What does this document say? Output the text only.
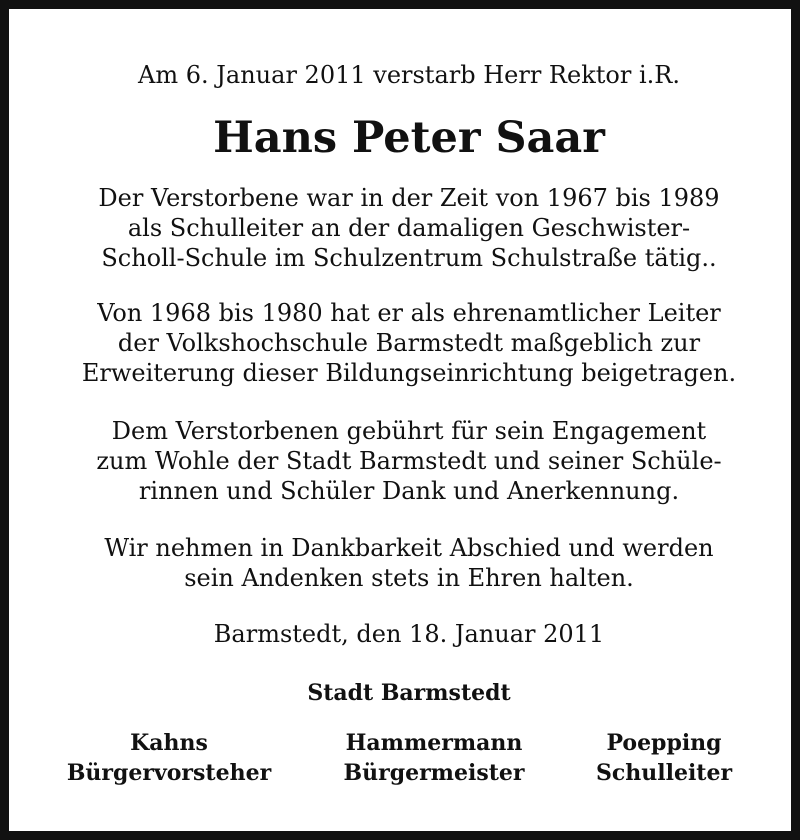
Am 6. Januar 2011 verstarb Herr Rektor i.R.
Hans Peter Saar
Der Verstorbene war in der Zeit von 1967 bis 1989
als Schulleiter an der damaligen Geschwister-
Scholl-Schule im Schulzentrum Schulstraße tätig..
Von 1968 bis 1980 hat er als ehrenamtlicher Leiter
der Volkshochschule Barmstedt maßgeblich zur
Erweiterung dieser Bildungseinrichtung beigetragen.
Dem Verstorbenen gebührt für sein Engagement
zum Wohle der Stadt Barmstedt und seiner Schüle-
rinnen und Schüler Dank und Anerkennung.
Wir nehmen in Dankbarkeit Abschied und werden
sein Andenken stets in Ehren halten.
Barmstedt, den 18. Januar 2011
Stadt Barmstedt
Kahns
Bürgervorsteher
Hammermann
Bürgermeister
Poepping
Schulleiter
